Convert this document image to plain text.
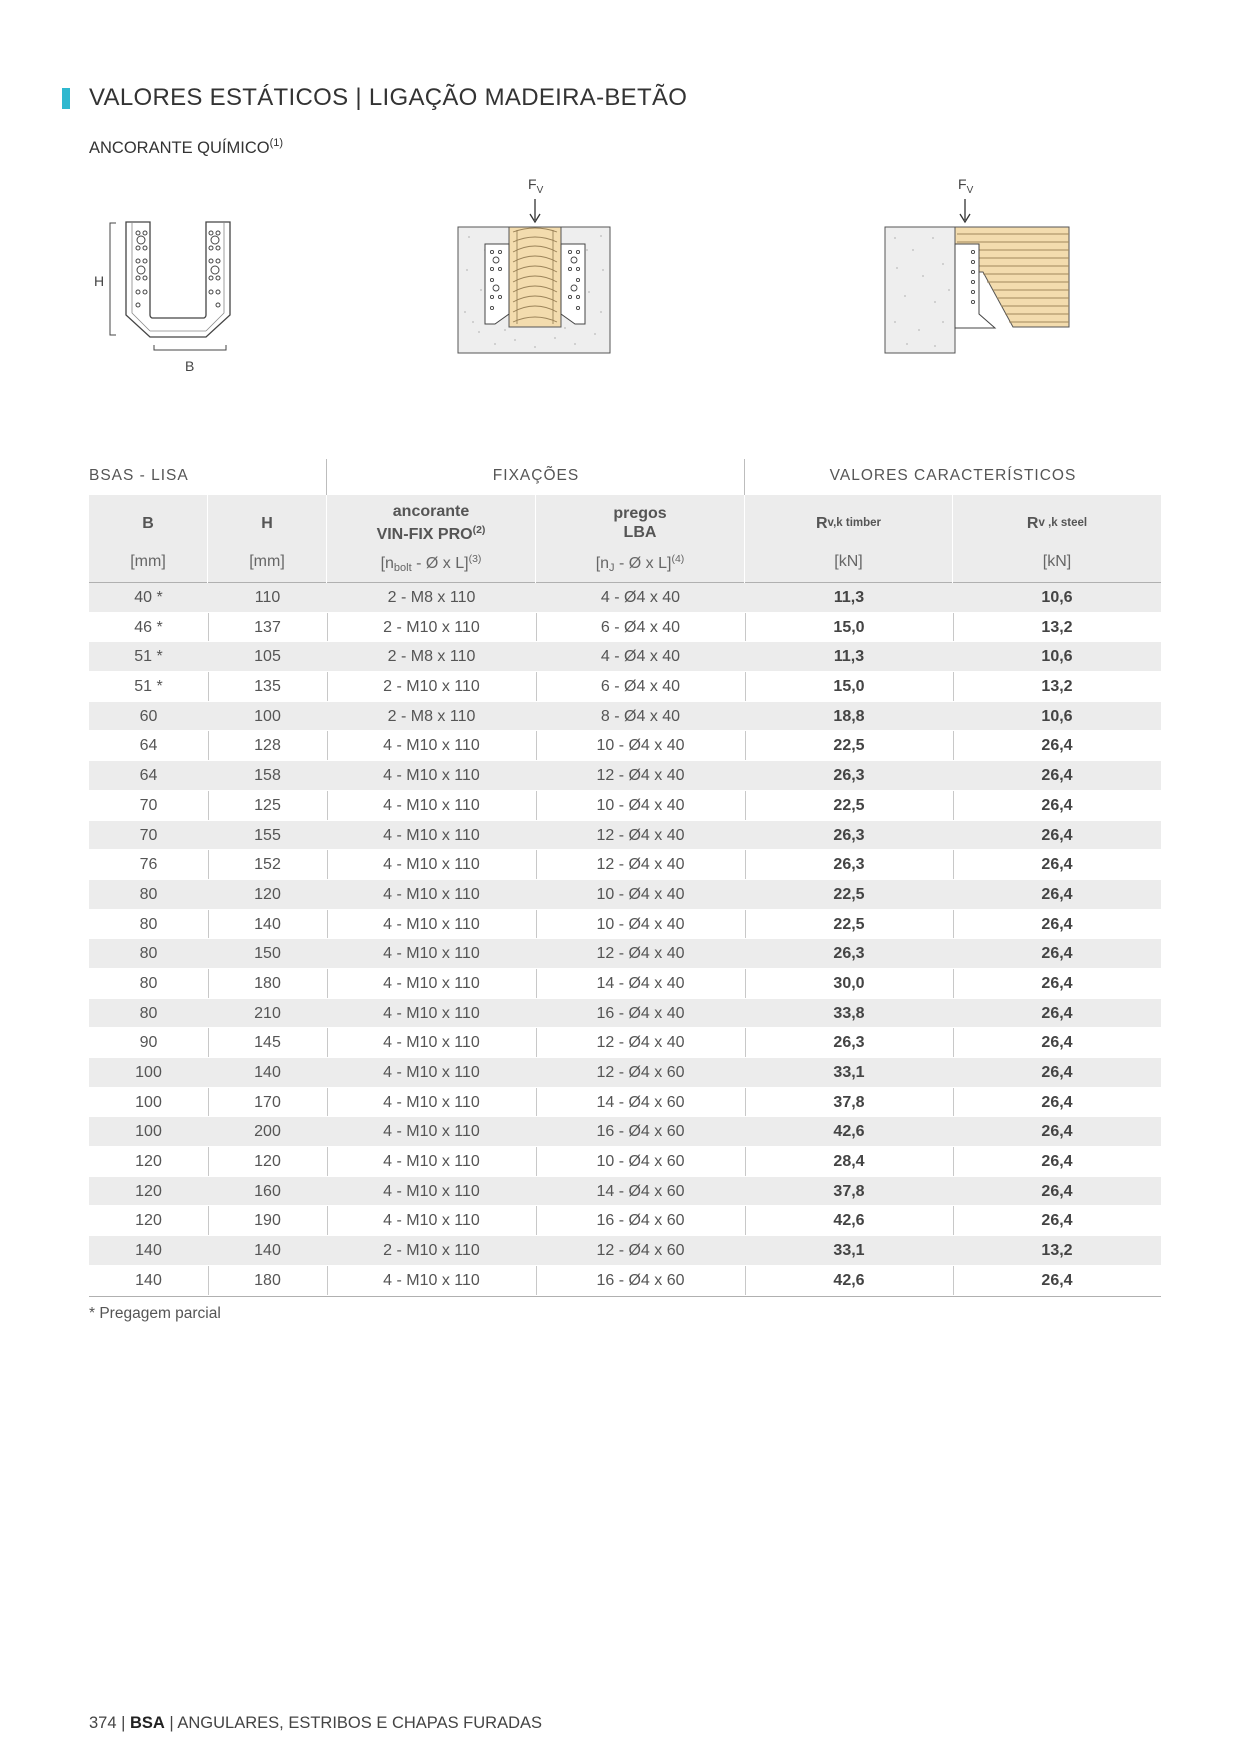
VALORES ESTÁTICOS | LIGAÇÃO MADEIRA-BETÃO
ANCORANTE QUÍMICO$^{(1)}$
H
B
$F_V$	$F_V$
BSAS - LISA	FIXAÇÕES	VALORES CARACTERÍSTICOS
B
[mm]
H
[mm]
ancorante
VIN-FIX PRO$^{(2)}$
[$n_{bolt}$ - Ø x L]$^{(3)}$
pregos
LBA
[$n_J$ - Ø x L]$^{(4)}$
R v,k timber
[kN]
R v ,k steel
[kN]
40 *	110	2 - M8 x 110	4 - Ø4 x 40	11,3	10,6
46 *	137	2 - M10 x 110	6 - Ø4 x 40	15,0	13,2
51 *	105	2 - M8 x 110	4 - Ø4 x 40	11,3	10,6
51 *	135	2 - M10 x 110	6 - Ø4 x 40	15,0	13,2
60	100	2 - M8 x 110	8 - Ø4 x 40	18,8	10,6
64	128	4 - M10 x 110	10 - Ø4 x 40	22,5	26,4
64	158	4 - M10 x 110	12 - Ø4 x 40	26,3	26,4
70	125	4 - M10 x 110	10 - Ø4 x 40	22,5	26,4
70	155	4 - M10 x 110	12 - Ø4 x 40	26,3	26,4
76	152	4 - M10 x 110	12 - Ø4 x 40	26,3	26,4
80	120	4 - M10 x 110	10 - Ø4 x 40	22,5	26,4
80	140	4 - M10 x 110	10 - Ø4 x 40	22,5	26,4
80	150	4 - M10 x 110	12 - Ø4 x 40	26,3	26,4
80	180	4 - M10 x 110	14 - Ø4 x 40	30,0	26,4
80	210	4 - M10 x 110	16 - Ø4 x 40	33,8	26,4
90	145	4 - M10 x 110	12 - Ø4 x 40	26,3	26,4
100	140	4 - M10 x 110	12 - Ø4 x 60	33,1	26,4
100	170	4 - M10 x 110	14 - Ø4 x 60	37,8	26,4
100	200	4 - M10 x 110	16 - Ø4 x 60	42,6	26,4
120	120	4 - M10 x 110	10 - Ø4 x 60	28,4	26,4
120	160	4 - M10 x 110	14 - Ø4 x 60	37,8	26,4
120	190	4 - M10 x 110	16 - Ø4 x 60	42,6	26,4
140	140	2 - M10 x 110	12 - Ø4 x 60	33,1	13,2
140	180	4 - M10 x 110	16 - Ø4 x 60	42,6	26,4
* Pregagem parcial
374 | BSA | ANGULARES, ESTRIBOS E CHAPAS FURADAS
